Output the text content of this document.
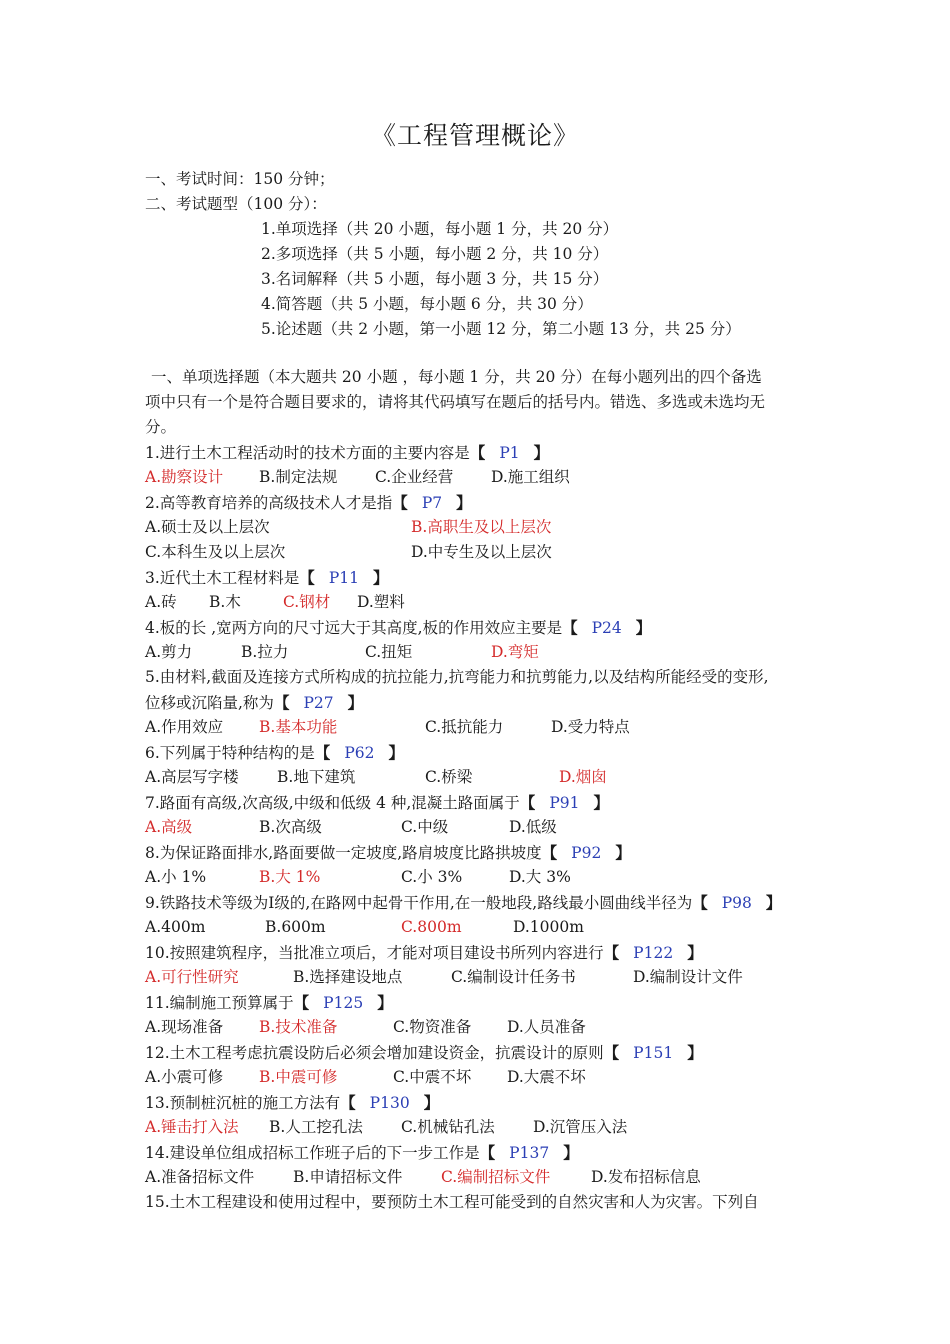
《工程管理概论》
一、考试时间：150 分钟；
二、考试题型（100 分）：
1.单项选择（共 20 小题，每小题 1 分，共 20 分）
2.多项选择（共 5 小题，每小题 2 分，共 10 分）
3.名词解释（共 5 小题，每小题 3 分，共 15 分）
4.简答题（共 5 小题，每小题 6 分，共 30 分）
5.论述题（共 2 小题，第一小题 12 分，第二小题 13 分，共 25 分）

一、单项选择题（本大题共 20 小题 ，每小题 1 分，共 20 分）在每小题列出的四个备选

项中只有一个是符合题目要求的，请将其代码填写在题后的括号内。错选、多选或未选均无

分。

1.进行土木工程活动时的技术方面的主要内容是【 P1 】
A.勘察设计 B.制定法规 C.企业经营 D.施工组织
2.高等教育培养的高级技术人才是指【 P7 】
A.硕士及以上层次	B.高职生及以上层次
C.本科生及以上层次	D.中专生及以上层次
3.近代土木工程材料是【 P11 】
A.砖 B.木	C.钢材 D.塑料
4.板的长 ,宽两方向的尺寸远大于其高度,板的作用效应主要是【 P24 】
A.剪力	B.拉力	C.扭矩	D.弯矩
5.由材料,截面及连接方式所构成的抗拉能力,抗弯能力和抗剪能力,以及结构所能经受的变形,
位移或沉陷量,称为【 P27 】
A.作用效应 B.基本功能	C.抵抗能力	D.受力特点
6.下列属于特种结构的是【 P62 】
A.高层写字楼 B.地下建筑	C.桥梁	D.烟囱
7.路面有高级,次高级,中级和低级 4 种,混凝土路面属于【 P91 】
A.高级	B.次高级	C.中级	D.低级
8.为保证路面排水,路面要做一定坡度,路肩坡度比路拱坡度【 P92 】
A.小 1%	B.大 1%	C.小 3%	D.大 3%
9.铁路技术等级为Ⅰ级的,在路网中起骨干作用,在一般地段,路线最小圆曲线半径为【 P98 】
A.400m	B.600m	C.800m	D.1000m
10.按照建筑程序，当批准立项后，才能对项目建设书所列内容进行【 P122 】
A.可行性研究	B.选择建设地点	C.编制设计任务书	D.编制设计文件
11.编制施工预算属于【 P125 】
A.现场准备 B.技术准备	C.物资准备 D.人员准备
12.土木工程考虑抗震设防后必须会增加建设资金，抗震设计的原则【 P151 】
A.小震可修 B.中震可修	C.中震不坏 D.大震不坏
13.预制桩沉桩的施工方法有【 P130 】
A.锤击打入法 B.人工挖孔法 C.机械钻孔法 D.沉管压入法
14.建设单位组成招标工作班子后的下一步工作是【 P137 】
A.准备招标文件	B.申请招标文件 C.编制招标文件	D.发布招标信息
15.土木工程建设和使用过程中，要预防土木工程可能受到的自然灾害和人为灾害。下列自
